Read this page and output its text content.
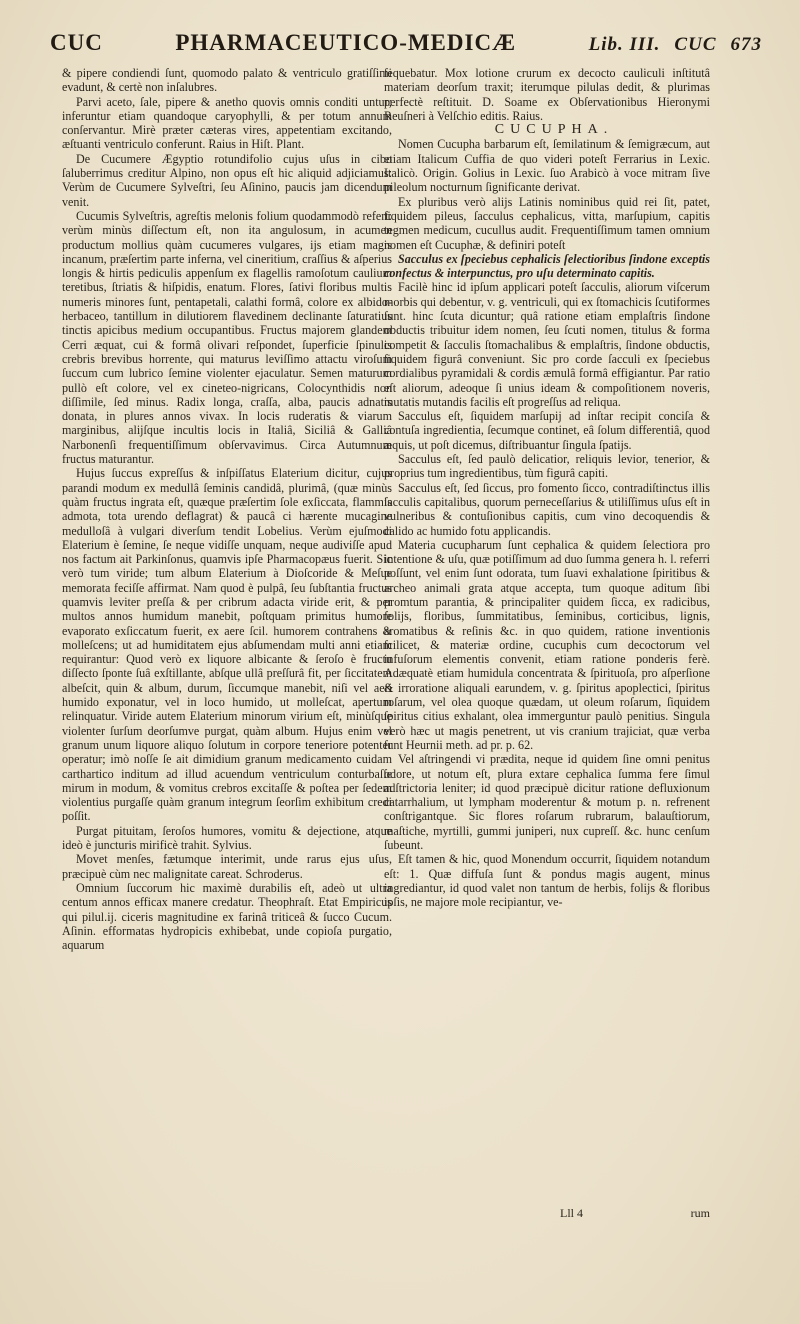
CUC	PHARMACEUTICO-MEDICÆ	Lib. III. CUC 673

& pipere condiendi ſunt, quomodo palato & ventriculo gratiſſimi evadunt, & certè non inſalubres.

Parvi aceto, ſale, pipere & anetho quovis omnis conditi untur; inferuntur etiam quandoque caryophylli, & per totum annum conſervantur. Mirè præter cæteras vires, appetentiam excitando, æſtuanti ventriculo conferunt. Raius in Hiſt. Plant.

De Cucumere Ægyptio rotundifolio cujus uſus in cibo ſaluberrimus creditur Alpino, non opus eſt hic aliquid adjiciamus: Verùm de Cucumere Sylveſtri, ſeu Aſinino, paucis jam dicendum venit.

Cucumis Sylveſtris, agreſtis melonis folium quodammodò refert: verùm minùs diſſectum eſt, non ita angulosum, in acumen productum mollius quàm cucumeres vulgares, ijs etiam magis incanum, præſertim parte inferna, vel cineritium, craſſius & aſperius longis & hirtis pediculis appenſum ex flagellis ramoſotum caulium teretibus, ſtriatis & hiſpidis, enatum. Flores, ſativi floribus multis numeris minores ſunt, pentapetali, calathi formâ, colore ex albido-herbaceo, tantillum in dilutiorem flavedinem declinante ſaturatius tinctis apicibus medium occupantibus. Fructus majorem glandem Cerri æquat, cui & formâ olivari reſpondet, ſuperficie ſpinulis crebris brevibus horrente, qui maturus leviſſimo attactu viroſum ſuccum cum lubrico ſemine violenter ejaculatur. Semen maturum pullò eſt colore, vel ex cineteo-nigricans, Colocynthidis non diſſimile, ſed minus. Radix longa, craſſa, alba, paucis adnatis donata, in plures annos vivax. In locis ruderatis & viarum marginibus, alijſque incultis locis in Italiâ, Siciliâ & Galliâ Narbonenſi frequentiſſimum obſervavimus. Circa Autumnum fructus maturantur.

Hujus ſuccus expreſſus & inſpiſſatus Elaterium dicitur, cujus parandi modum ex medullâ ſeminis candidâ, plurimâ, (quæ minùs quàm fructus ingrata eſt, quæque præſertim ſole exſiccata, flammis admota, tota urendo deflagrat) & paucâ ci hærente mucagine medulloſâ à vulgari diverſum tendit Lobelius. Verùm ejuſmodi Elaterium è ſemine, ſe neque vidiſſe unquam, neque audiviſſe apud nos factum ait Parkinſonus, quamvis ipſe Pharmacopæus fuerit. Sic verò tum viride; tum album Elaterium à Dioſcoride & Meſue memorata feciſſe affirmat. Nam quod è pulpâ, ſeu ſubſtantia fructus quamvis leviter preſſa & per cribrum adacta viride erit, & per multos annos humidum manebit, poſtquam primitus humore evaporato exſiccatum fuerit, ex aere ſcil. humorem contrahens & molleſcens; ut ad humiditatem ejus abſumendam multi anni etiam requirantur: Quod verò ex liquore albicante & ſeroſo è fructu diſſecto ſponte ſuâ exſtillante, abſque ullâ preſſurâ fit, per ſiccitatem albeſcit, quin & album, durum, ſiccumque manebit, niſi vel aeri humido exponatur, vel in loco humido, ut molleſcat, apertum relinquatur. Viride autem Elaterium minorum virium eſt, minùſque violenter ſurſum deorſumve purgat, quàm album. Hujus enim vel granum unum liquore aliquo ſolutum in corpore teneriore potenter operatur; imò noſſe ſe ait dimidium granum medicamento cuidam carthartico inditum ad illud acuendum ventriculum conturbaſſe mirum in modum, & vomitus crebros excitaſſe & poſtea per ſedem violentius purgaſſe quàm granum integrum ſeorſim exhibitum credi poſſit.

Purgat pituitam, ſeroſos humores, vomitu & dejectione, atque ideò è juncturis mirificè trahit. Sylvius.

Movet menſes, fætumque interimit, unde rarus ejus uſus, præcipuè cùm nec malignitate careat. Schroderus.

Omnium ſuccorum hic maximè durabilis eſt, adeò ut ultra centum annos efficax manere credatur. Theophraſt. Etat Empiricus qui pilul.ij. ciceris magnitudine ex farinâ triticeâ & ſucco Cucum. Aſinin. efformatas hydropicis exhibebat, unde copioſa purgatio, aquarum

ſequebatur. Mox lotione crurum ex decocto cauliculi inſtitutâ materiam deorſum traxit; iterumque pilulas dedit, & plurimas perfectè reſtituit. D. Soame ex Obſervationibus Hieronymi Reuſneri à Velſchio editis. Raius.

CUCUPHA.

Nomen Cucupha barbarum eſt, ſemilatinum & ſemigræcum, aut etiam Italicum Cuffia de quo videri poteſt Ferrarius in Lexic. Italicò. Origin. Golius in Lexic. ſuo Arabicò à voce mitram ſive pileolum nocturnum ſignificante derivat.

Ex pluribus verò alijs Latinis nominibus quid rei ſit, patet, ſiquidem pileus, ſacculus cephalicus, vitta, marſupium, capitis tegmen medicum, cucullus audit. Frequentiſſimum tamen omnium nomen eſt Cucuphæ, & definiri poteſt

Sacculus ex ſpeciebus cephalicis ſelectioribus ſindone exceptis confectus & interpunctus, pro uſu determinato capitis.

Facilè hinc id ipſum applicari poteſt ſacculis, aliorum viſcerum morbis qui debentur, v. g. ventriculi, qui ex ſtomachicis ſcutiformes ſunt. hinc ſcuta dicuntur; quâ ratione etiam emplaſtris ſindone obductis tribuitur idem nomen, ſeu ſcuti nomen, titulus & forma competit & ſacculis ſtomachalibus & emplaſtris, ſindone obductis, ſiquidem figurâ conveniunt. Sic pro corde ſacculi ex ſpeciebus cordialibus pyramidali & cordis æmulâ formâ effigiantur. Par ratio eſt aliorum, adeoque ſi unius ideam & compoſitionem noveris, mutatis mutandis facilis eſt progreſſus ad reliqua.

Sacculus eſt, ſiquidem marſupij ad inſtar recipit conciſa & contuſa ingredientia, ſecumque continet, eâ ſolum differentiâ, quod æquis, ut poſt dicemus, diſtribuantur ſingula ſpatijs.

Sacculus eſt, ſed paulò delicatior, reliquis levior, tenerior, & proprius tum ingredientibus, tùm figurâ capiti.

Sacculus eſt, ſed ſiccus, pro fomento ſicco, contradiſtinctus illis ſacculis capitalibus, quorum perneceſſarius & utiliſſimus uſus eſt in vulneribus & contuſionibus capitis, cum vino decoquendis & calido ac humido fotu applicandis.

Materia cucupharum ſunt cephalica & quidem ſelectiora pro intentione & uſu, quæ potiſſimum ad duo ſumma genera h. l. referri poſſunt, vel enim ſunt odorata, tum ſuavi exhalatione ſpiritibus & archeo animali grata atque accepta, tum quoque aditum ſibi promtum parantia, & principaliter quidem ſicca, ex radicibus, folijs, floribus, ſummitatibus, ſeminibus, corticibus, lignis, aromatibus & reſinis &c. in quo quidem, ratione inventionis ſcilicet, & materiæ ordine, cucuphis cum decoctorum vel infuſorum elementis convenit, etiam ratione ponderis ferè. Adæquatè etiam humidula concentrata & ſpirituoſa, pro aſperſione & irroratione aliquali earundem, v. g. ſpiritus apoplectici, ſpiritus roſarum, vel olea quoque quædam, ut oleum roſarum, ſiquidem ſpiritus citius exhalant, olea immerguntur paulò penitius. Singula verò hæc ut magis penetrent, ut vis cranium trajiciat, quæ verba ſunt Heurnii meth. ad pr. p. 62.

Vel aſtringendi vi prædita, neque id quidem ſine omni penitus odore, ut notum eſt, plura extare cephalica ſumma fere ſimul adſtrictoria leniter; id quod præcipuè dicitur ratione defluxionum catarrhalium, ut lympham moderentur & motum p. n. refrenent conſtrigantque. Sic flores roſarum rubrarum, balauſtiorum, maſtiche, myrtilli, gummi juniperi, nux cupreſſ. &c. hunc cenſum ſubeunt.

Eſt tamen & hic, quod Monendum occurrit, ſiquidem notandum eſt: 1. Quæ diffuſa ſunt & pondus magis augent, minus ingrediantur, id quod valet non tantum de herbis, folijs & floribus ipſis, ne majore mole recipiantur, ve-

Lll 4	rum
